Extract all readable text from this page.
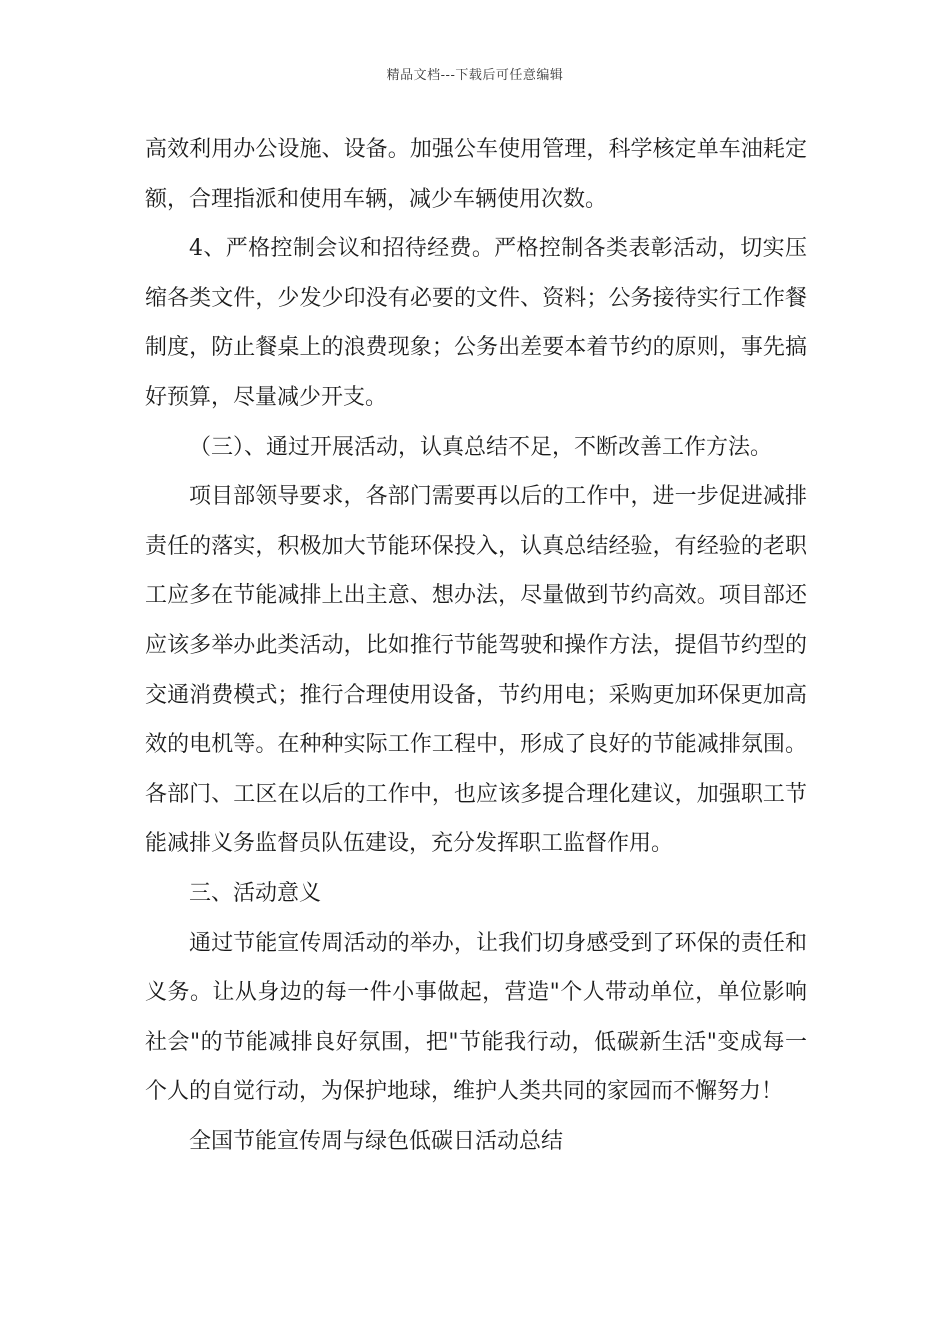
精品文档---下载后可任意编辑

高效利用办公设施、设备。加强公车使用管理，科学核定单车油耗定额，合理指派和使用车辆，减少车辆使用次数。

4、严格控制会议和招待经费。严格控制各类表彰活动，切实压缩各类文件，少发少印没有必要的文件、资料；公务接待实行工作餐制度，防止餐桌上的浪费现象；公务出差要本着节约的原则，事先搞好预算，尽量减少开支。

（三）、通过开展活动，认真总结不足，不断改善工作方法。

项目部领导要求，各部门需要再以后的工作中，进一步促进减排责任的落实，积极加大节能环保投入，认真总结经验，有经验的老职工应多在节能减排上出主意、想办法，尽量做到节约高效。项目部还应该多举办此类活动，比如推行节能驾驶和操作方法，提倡节约型的交通消费模式；推行合理使用设备，节约用电；采购更加环保更加高效的电机等。在种种实际工作工程中，形成了良好的节能减排氛围。各部门、工区在以后的工作中，也应该多提合理化建议，加强职工节能减排义务监督员队伍建设，充分发挥职工监督作用。

三、活动意义

通过节能宣传周活动的举办，让我们切身感受到了环保的责任和义务。让从身边的每一件小事做起，营造"个人带动单位，单位影响社会"的节能减排良好氛围，把"节能我行动，低碳新生活"变成每一个人的自觉行动，为保护地球，维护人类共同的家园而不懈努力！

全国节能宣传周与绿色低碳日活动总结
